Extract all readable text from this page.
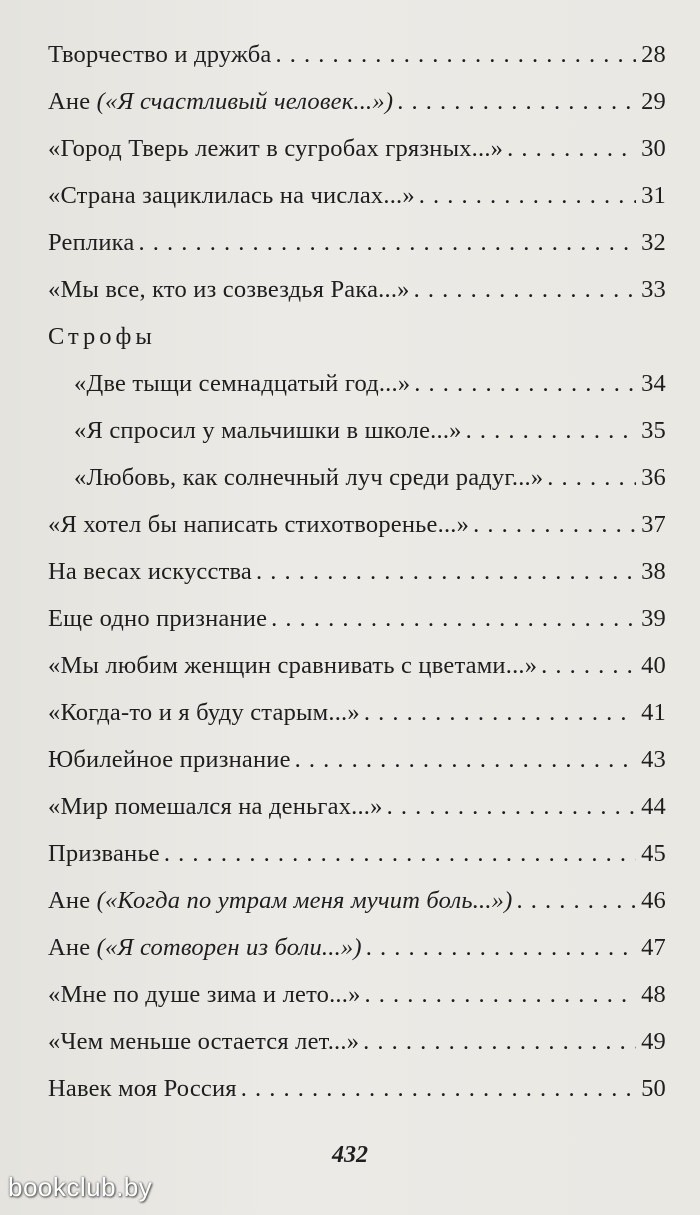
Творчество и дружба . . .	28
Ане («Я счастливый человек...») . . .	29
«Город Тверь лежит в сугробах грязных...» . . .	30
«Страна зациклилась на числах...» . . .	31
Реплика . . .	32
«Мы все, кто из созвездья Рака...» . . .	33
Строфы
«Две тыщи семнадцатый год...» . . .	34
«Я спросил у мальчишки в школе...» . . .	35
«Любовь, как солнечный луч среди радуг...» . . .	36
«Я хотел бы написать стихотворенье...» . . .	37
На весах искусства . . .	38
Еще одно признание . . .	39
«Мы любим женщин сравнивать с цветами...» . . .	40
«Когда-то и я буду старым...» . . .	41
Юбилейное признание . . .	43
«Мир помешался на деньгах...» . . .	44
Призванье . . .	45
Ане («Когда по утрам меня мучит боль...») . . .	46
Ане («Я сотворен из боли...») . . .	47
«Мне по душе зима и лето...» . . .	48
«Чем меньше остается лет...» . . .	49
Навек моя Россия . . .	50
432
bookclub.by
